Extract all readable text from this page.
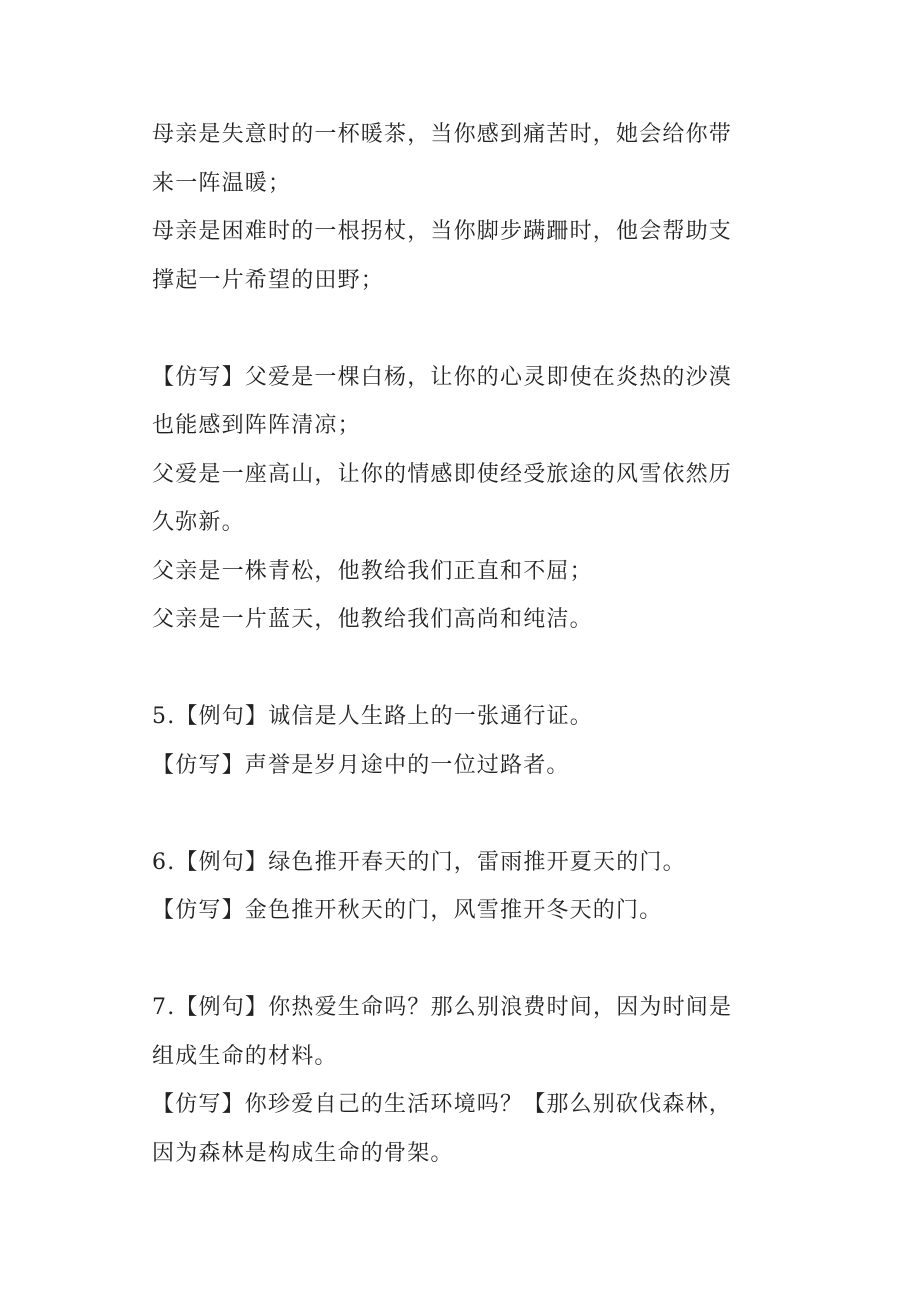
母亲是失意时的一杯暖茶，当你感到痛苦时，她会给你带
来一阵温暖；
母亲是困难时的一根拐杖，当你脚步蹒跚时，他会帮助支
撑起一片希望的田野；
【仿写】父爱是一棵白杨，让你的心灵即使在炎热的沙漠
也能感到阵阵清凉；
父爱是一座高山，让你的情感即使经受旅途的风雪依然历
久弥新。
父亲是一株青松，他教给我们正直和不屈；
父亲是一片蓝天，他教给我们高尚和纯洁。
5.【例句】诚信是人生路上的一张通行证。
【仿写】声誉是岁月途中的一位过路者。
6.【例句】绿色推开春天的门，雷雨推开夏天的门。
【仿写】金色推开秋天的门，风雪推开冬天的门。
7.【例句】你热爱生命吗？那么别浪费时间，因为时间是
组成生命的材料。
【仿写】你珍爱自己的生活环境吗？【那么别砍伐森林，
因为森林是构成生命的骨架。
